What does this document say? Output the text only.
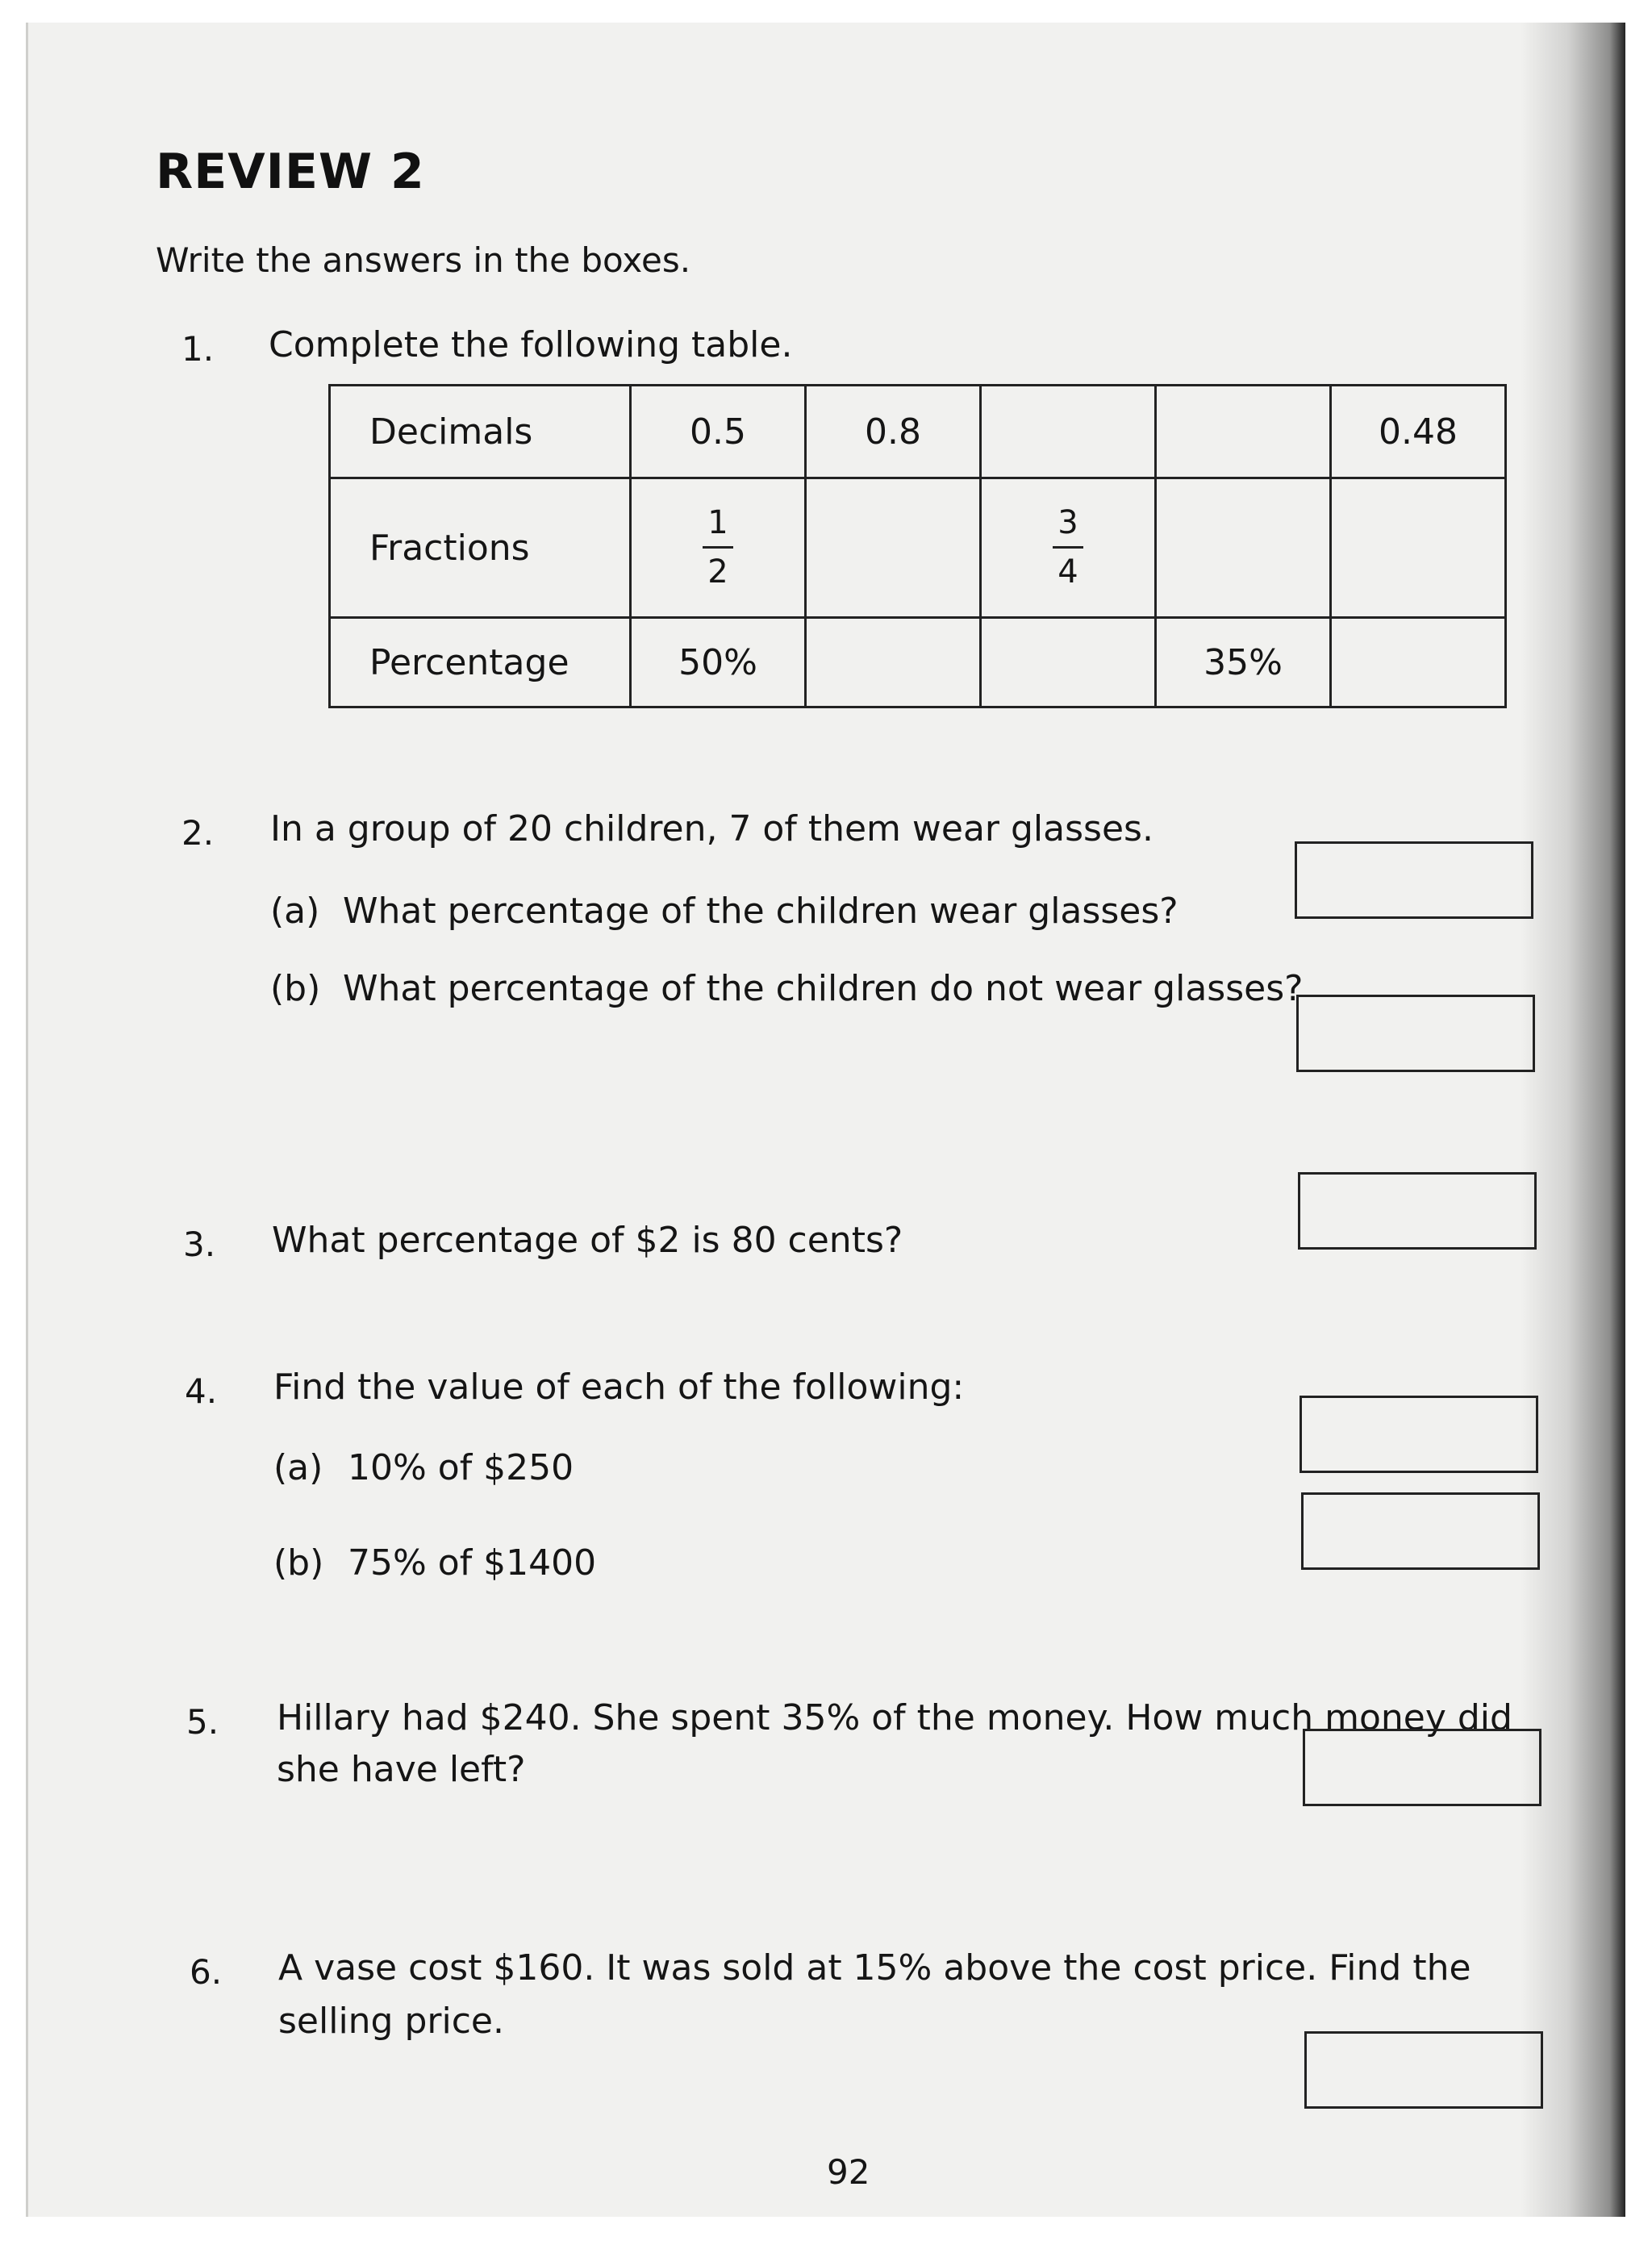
REVIEW 2
Write the answers in the boxes.
1. Complete the following table.
Decimals	0.5	0.8			0.48
Fractions	$\frac{1}{2}$		$\frac{3}{4}$

Percentage	50%			35%	
2. In a group of 20 children, 7 of them wear glasses.
(a) What percentage of the children wear glasses?
(b) What percentage of the children do not wear glasses?
3. What percentage of $2 is 80 cents?
4. Find the value of each of the following:
(a) 10% of $250
(b) 75% of $1400
5. Hillary had $240. She spent 35% of the money. How much money did
she have left?
6. A vase cost $160. It was sold at 15% above the cost price. Find the
selling price.
92
